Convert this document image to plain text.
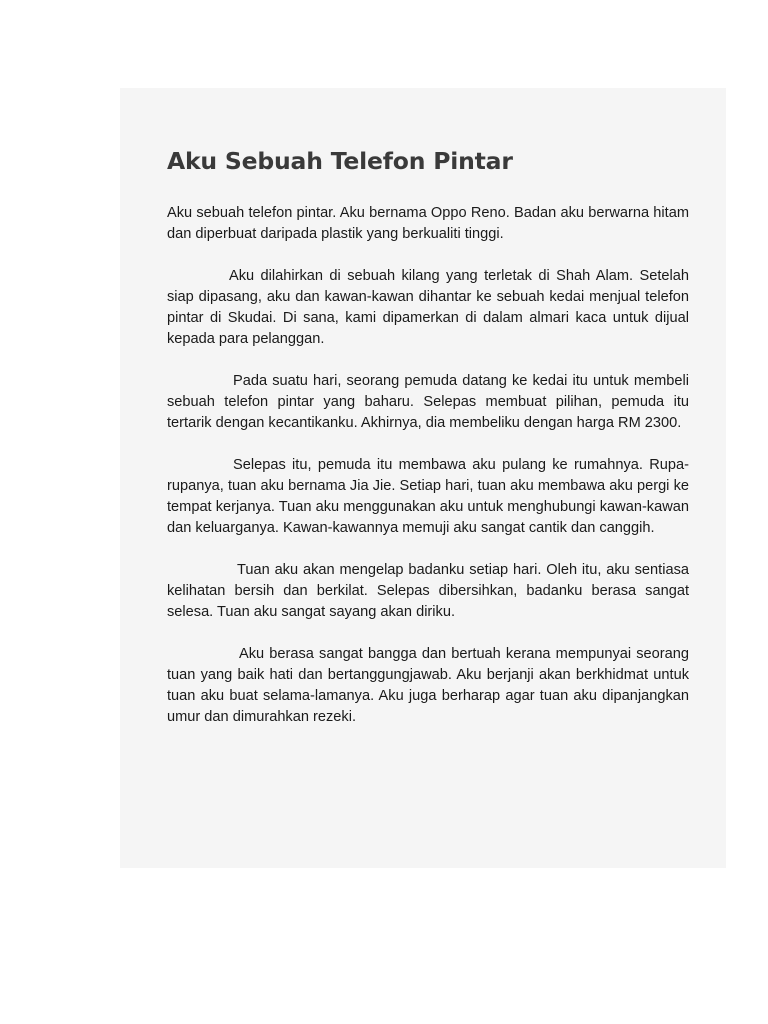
Aku Sebuah Telefon Pintar

Aku sebuah telefon pintar. Aku bernama Oppo Reno. Badan aku berwarna hitam dan diperbuat daripada plastik yang berkualiti tinggi.

Aku dilahirkan di sebuah kilang yang terletak di Shah Alam. Setelah siap dipasang, aku dan kawan-kawan dihantar ke sebuah kedai menjual telefon pintar di Skudai. Di sana, kami dipamerkan di dalam almari kaca untuk dijual kepada para pelanggan.

Pada suatu hari, seorang pemuda datang ke kedai itu untuk membeli sebuah telefon pintar yang baharu. Selepas membuat pilihan, pemuda itu tertarik dengan kecantikanku. Akhirnya, dia membeliku dengan harga RM 2300.

Selepas itu, pemuda itu membawa aku pulang ke rumahnya. Rupa-rupanya, tuan aku bernama Jia Jie. Setiap hari, tuan aku membawa aku pergi ke tempat kerjanya. Tuan aku menggunakan aku untuk menghubungi kawan-kawan dan keluarganya. Kawan-kawannya memuji aku sangat cantik dan canggih.

Tuan aku akan mengelap badanku setiap hari. Oleh itu, aku sentiasa kelihatan bersih dan berkilat. Selepas dibersihkan, badanku berasa sangat selesa. Tuan aku sangat sayang akan diriku.

Aku berasa sangat bangga dan bertuah kerana mempunyai seorang tuan yang baik hati dan bertanggungjawab. Aku berjanji akan berkhidmat untuk tuan aku buat selama-lamanya. Aku juga berharap agar tuan aku dipanjangkan umur dan dimurahkan rezeki.
